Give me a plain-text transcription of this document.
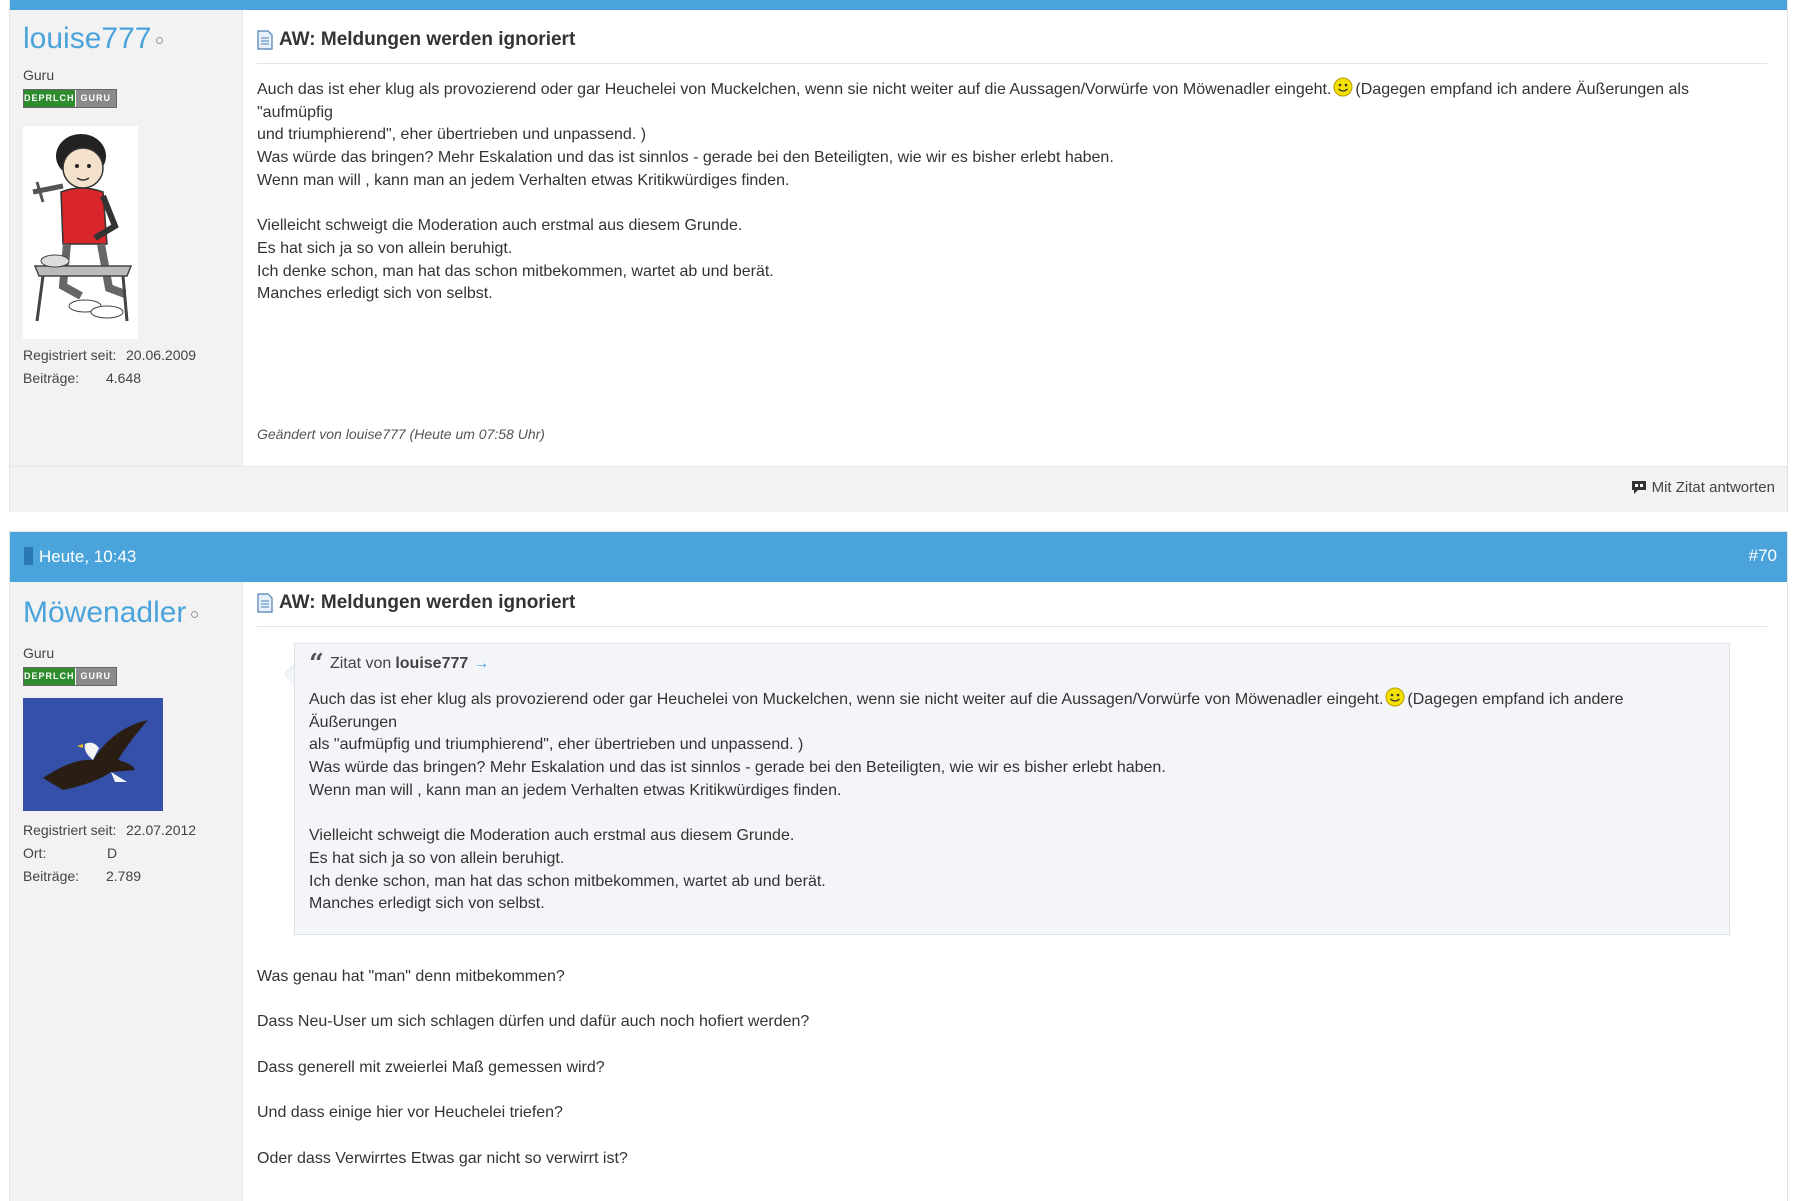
louise777
Guru
DEPRLCH GURU
Registriert seit: 20.06.2009
Beiträge:	4.648
AW: Meldungen werden ignoriert
Auch das ist eher klug als provozierend oder gar Heuchelei von Muckelchen, wenn sie nicht weiter auf die Aussagen/Vorwürfe von Möwenadler eingeht. (Dagegen empfand ich andere Äußerungen als "aufmüpfig
und triumphierend", eher übertrieben und unpassend. )
Was würde das bringen? Mehr Eskalation und das ist sinnlos - gerade bei den Beteiligten, wie wir es bisher erlebt haben.
Wenn man will , kann man an jedem Verhalten etwas Kritikwürdiges finden.
Vielleicht schweigt die Moderation auch erstmal aus diesem Grunde.
Es hat sich ja so von allein beruhigt.
Ich denke schon, man hat das schon mitbekommen, wartet ab und berät.
Manches erledigt sich von selbst.
Geändert von louise777 (Heute um 07:58 Uhr)
Mit Zitat antworten
Heute, 10:43	#70
Möwenadler
Guru
DEPRLCH GURU
Registriert seit: 22.07.2012
Ort:	D
Beiträge:	2.789
AW: Meldungen werden ignoriert
“ Zitat von louise777 →
Auch das ist eher klug als provozierend oder gar Heuchelei von Muckelchen, wenn sie nicht weiter auf die Aussagen/Vorwürfe von Möwenadler eingeht. (Dagegen empfand ich andere Äußerungen
als "aufmüpfig und triumphierend", eher übertrieben und unpassend. )
Was würde das bringen? Mehr Eskalation und das ist sinnlos - gerade bei den Beteiligten, wie wir es bisher erlebt haben.
Wenn man will , kann man an jedem Verhalten etwas Kritikwürdiges finden.
Vielleicht schweigt die Moderation auch erstmal aus diesem Grunde.
Es hat sich ja so von allein beruhigt.
Ich denke schon, man hat das schon mitbekommen, wartet ab und berät.
Manches erledigt sich von selbst.
Was genau hat "man" denn mitbekommen?
Dass Neu-User um sich schlagen dürfen und dafür auch noch hofiert werden?
Dass generell mit zweierlei Maß gemessen wird?
Und dass einige hier vor Heuchelei triefen?
Oder dass Verwirrtes Etwas gar nicht so verwirrt ist?
